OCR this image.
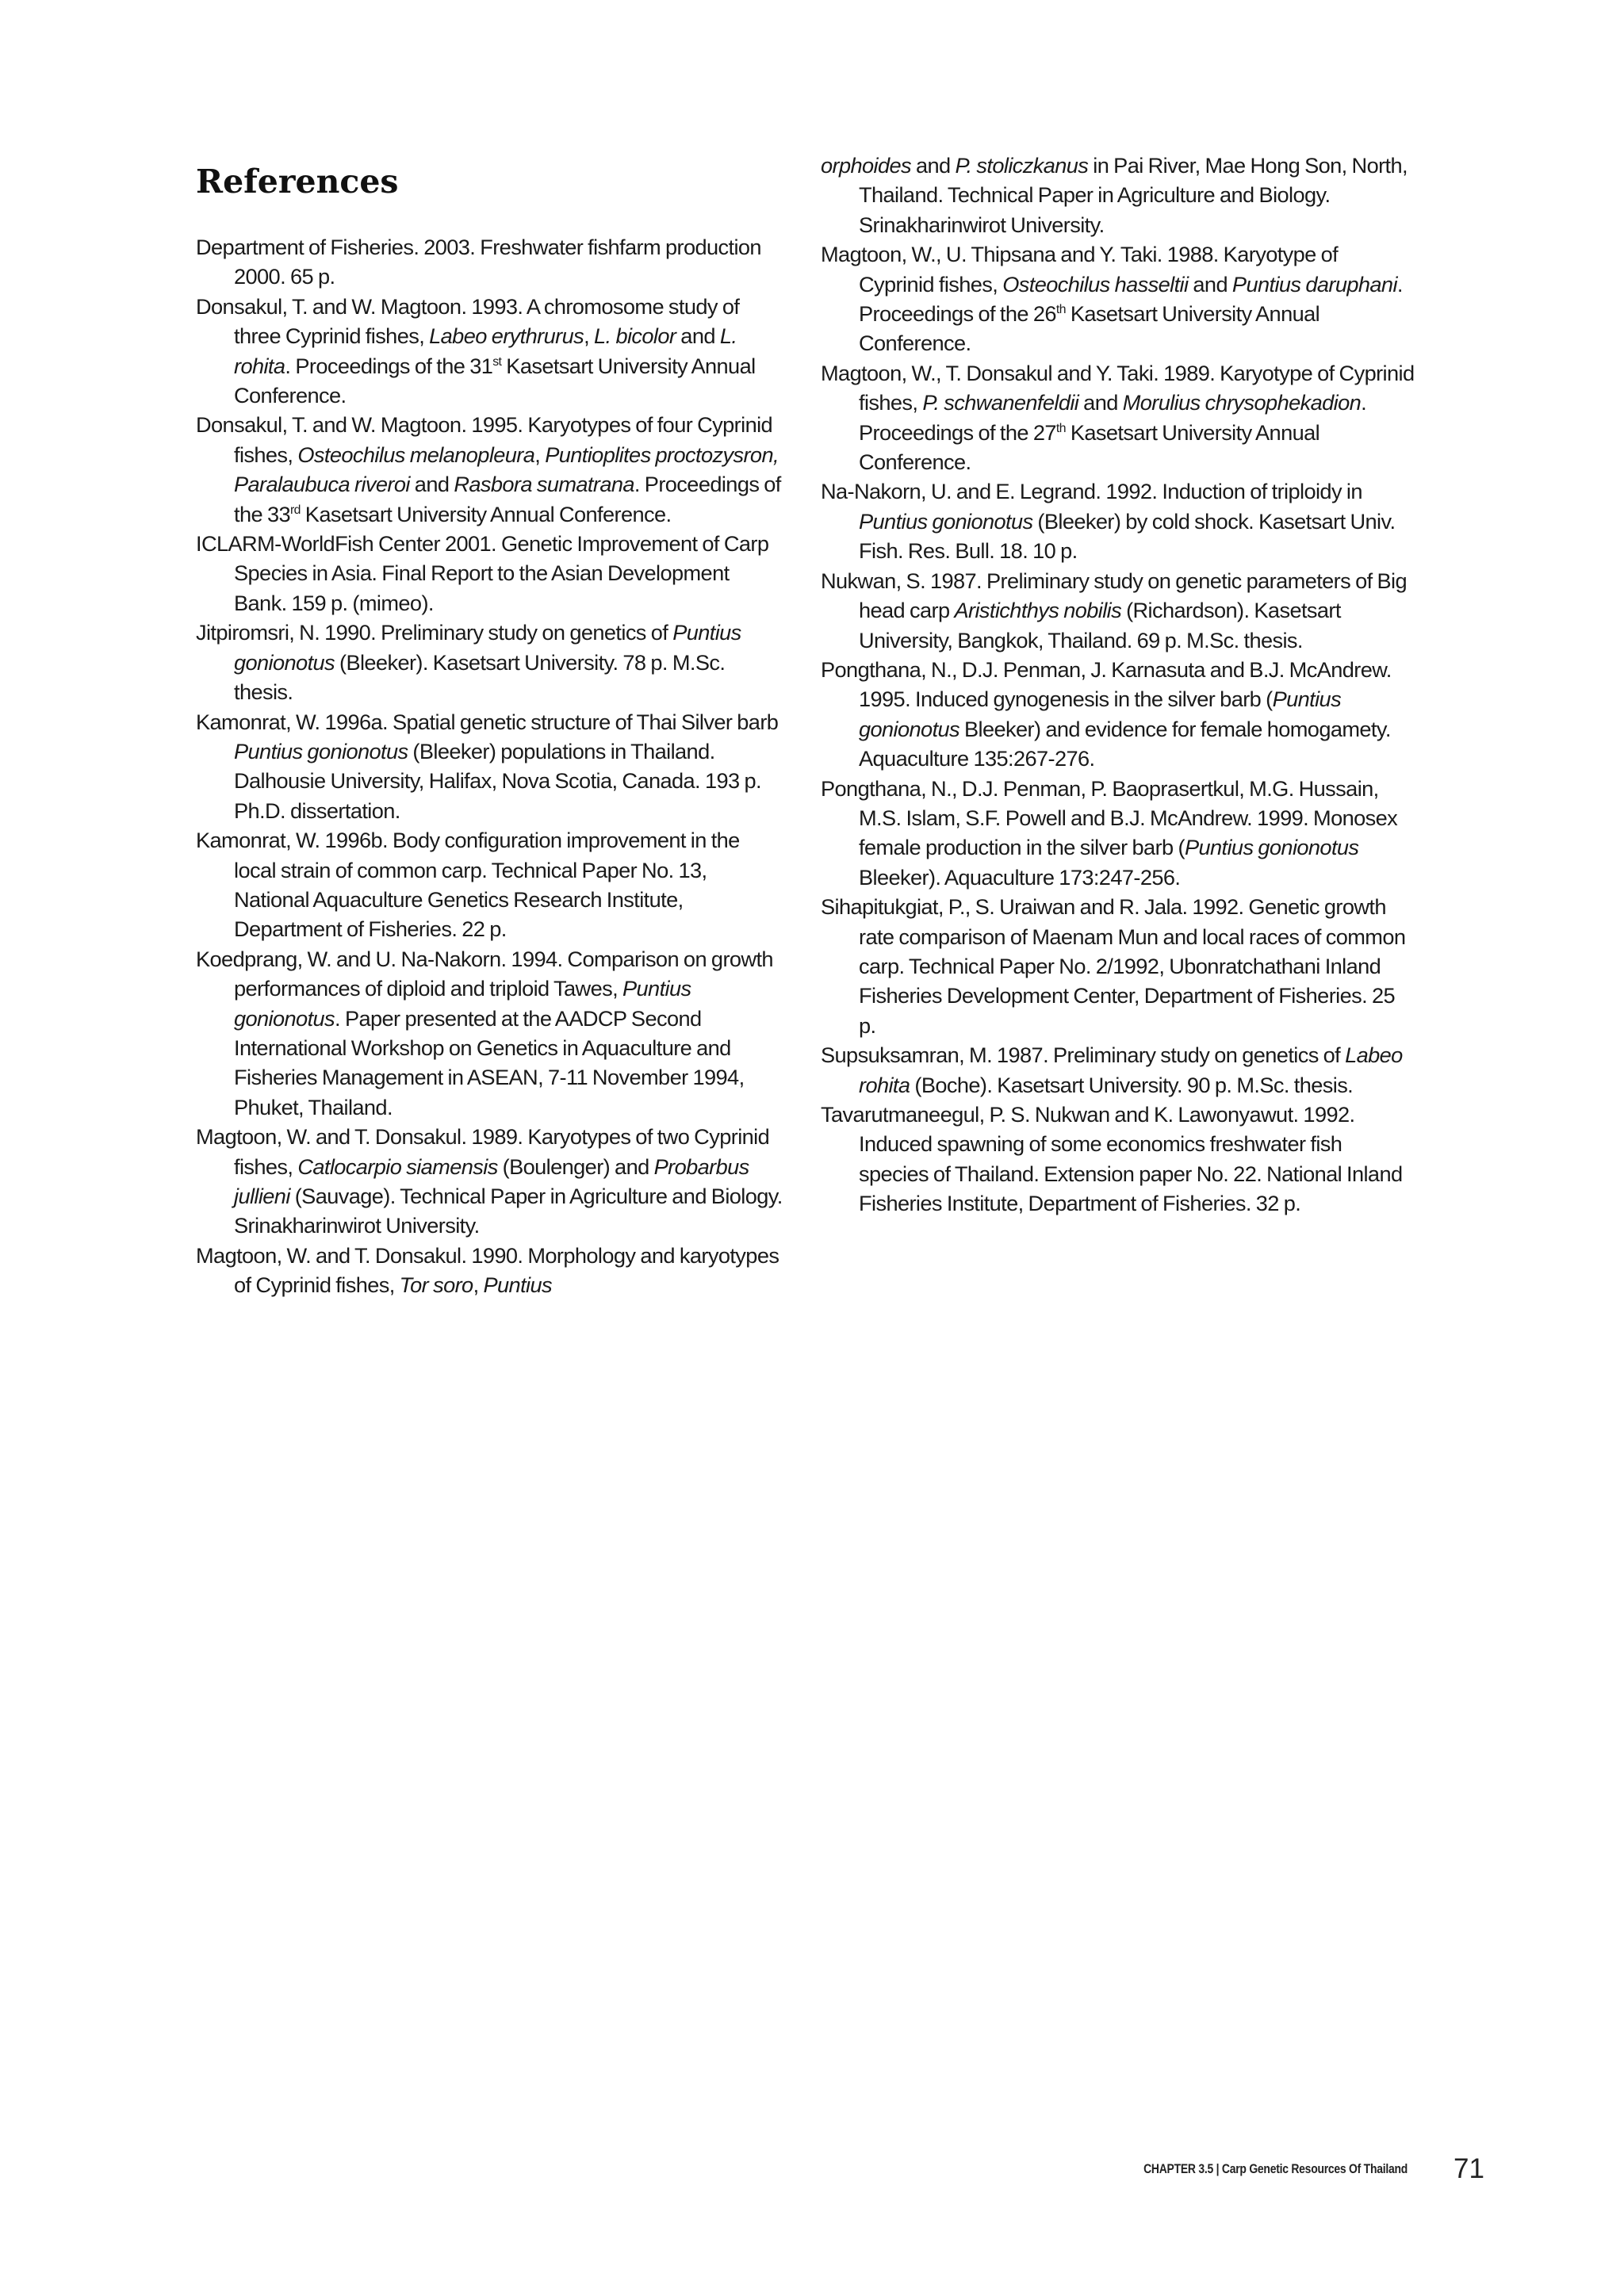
References

Department of Fisheries. 2003. Freshwater fishfarm production 2000. 65 p.

Donsakul, T. and W. Magtoon. 1993. A chromosome study of three Cyprinid fishes, Labeo erythrurus, L. bicolor and L. rohita. Proceedings of the 31st Kasetsart University Annual Conference.

Donsakul, T. and W. Magtoon. 1995. Karyotypes of four Cyprinid fishes, Osteochilus melanopleura, Puntioplites proctozysron, Paralaubuca riveroi and Rasbora sumatrana. Proceedings of the 33rd Kasetsart University Annual Conference.

ICLARM-WorldFish Center 2001. Genetic Improvement of Carp Species in Asia. Final Report to the Asian Development Bank. 159 p. (mimeo).

Jitpiromsri, N. 1990. Preliminary study on genetics of Puntius gonionotus (Bleeker). Kasetsart University. 78 p. M.Sc. thesis.

Kamonrat, W. 1996a. Spatial genetic structure of Thai Silver barb Puntius gonionotus (Bleeker) populations in Thailand. Dalhousie University, Halifax, Nova Scotia, Canada. 193 p. Ph.D. dissertation.

Kamonrat, W. 1996b. Body configuration improvement in the local strain of common carp. Technical Paper No. 13, National Aquaculture Genetics Research Institute, Department of Fisheries. 22 p.

Koedprang, W. and U. Na-Nakorn. 1994. Comparison on growth performances of diploid and triploid Tawes, Puntius gonionotus. Paper presented at the AADCP Second International Workshop on Genetics in Aquaculture and Fisheries Management in ASEAN, 7-11 November 1994, Phuket, Thailand.

Magtoon, W. and T. Donsakul. 1989. Karyotypes of two Cyprinid fishes, Catlocarpio siamensis (Boulenger) and Probarbus jullieni (Sauvage). Technical Paper in Agriculture and Biology. Srinakharinwirot University.

Magtoon, W. and T. Donsakul. 1990. Morphology and karyotypes of Cyprinid fishes, Tor soro, Puntius

orphoides and P. stoliczkanus in Pai River, Mae Hong Son, North, Thailand. Technical Paper in Agriculture and Biology. Srinakharinwirot University.

Magtoon, W., U. Thipsana and Y. Taki. 1988. Karyotype of Cyprinid fishes, Osteochilus hasseltii and Puntius daruphani. Proceedings of the 26th Kasetsart University Annual Conference.

Magtoon, W., T. Donsakul and Y. Taki. 1989. Karyotype of Cyprinid fishes, P. schwanenfeldii and Morulius chrysophekadion. Proceedings of the 27th Kasetsart University Annual Conference.

Na-Nakorn, U. and E. Legrand. 1992. Induction of triploidy in Puntius gonionotus (Bleeker) by cold shock. Kasetsart Univ. Fish. Res. Bull. 18. 10 p.

Nukwan, S. 1987. Preliminary study on genetic parameters of Big head carp Aristichthys nobilis (Richardson). Kasetsart University, Bangkok, Thailand. 69 p. M.Sc. thesis.

Pongthana, N., D.J. Penman, J. Karnasuta and B.J. McAndrew. 1995. Induced gynogenesis in the silver barb (Puntius gonionotus Bleeker) and evidence for female homogamety. Aquaculture 135:267-276.

Pongthana, N., D.J. Penman, P. Baoprasertkul, M.G. Hussain, M.S. Islam, S.F. Powell and B.J. McAndrew. 1999. Monosex female production in the silver barb (Puntius gonionotus Bleeker). Aquaculture 173:247-256.

Sihapitukgiat, P., S. Uraiwan and R. Jala. 1992. Genetic growth rate comparison of Maenam Mun and local races of common carp. Technical Paper No. 2/1992, Ubonratchathani Inland Fisheries Development Center, Department of Fisheries. 25 p.

Supsuksamran, M. 1987. Preliminary study on genetics of Labeo rohita (Boche). Kasetsart University. 90 p. M.Sc. thesis.

Tavarutmaneegul, P. S. Nukwan and K. Lawonyawut. 1992. Induced spawning of some economics freshwater fish species of Thailand. Extension paper No. 22. National Inland Fisheries Institute, Department of Fisheries. 32 p.

CHAPTER 3.5 | Carp Genetic Resources Of Thailand 71
